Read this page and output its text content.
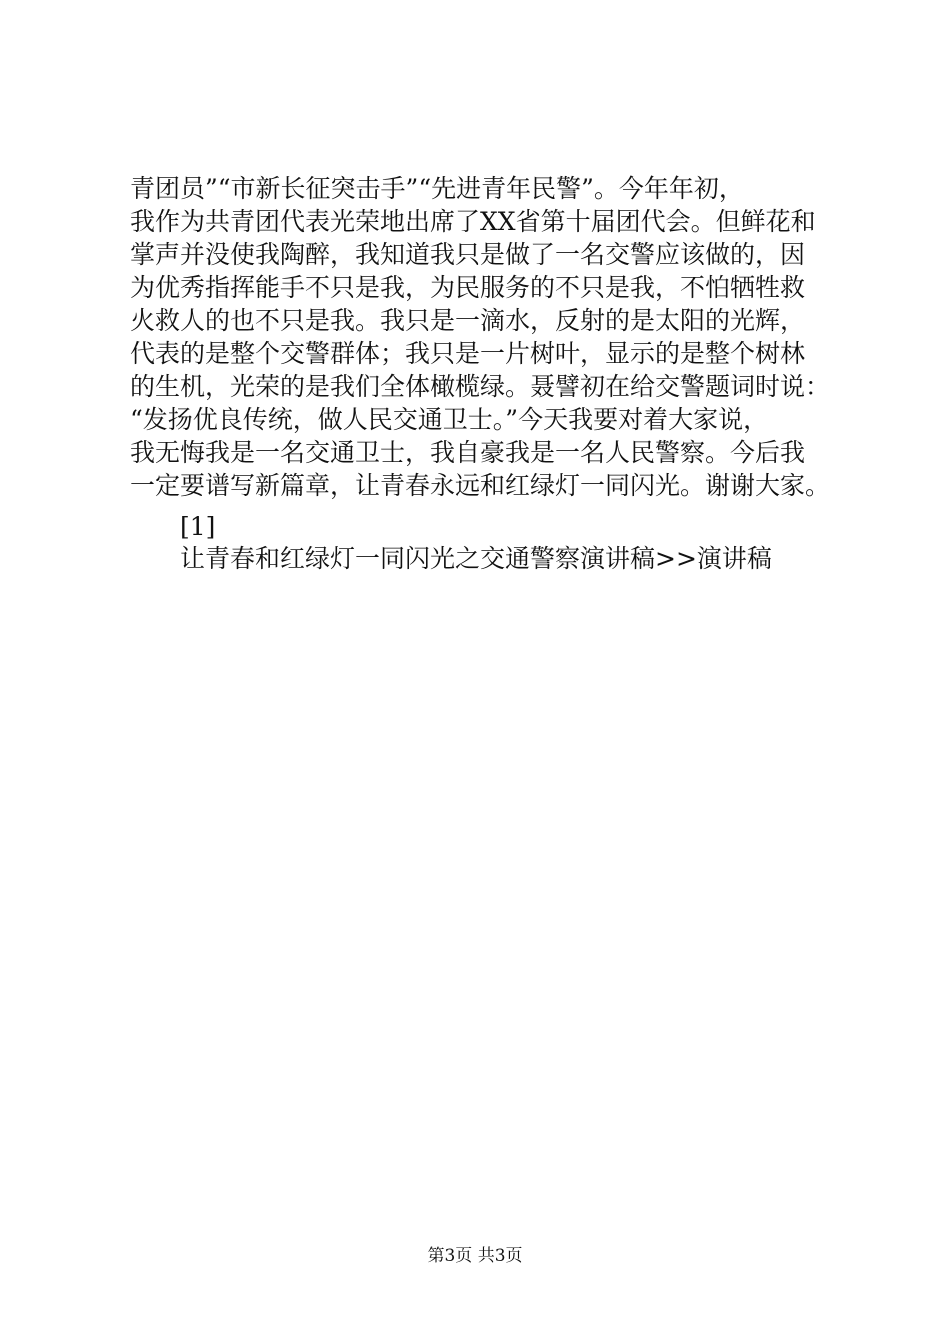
青团员”“市新长征突击手”“先进青年民警”。今年年初，
我作为共青团代表光荣地出席了XX省第十届团代会。但鲜花和
掌声并没使我陶醉，我知道我只是做了一名交警应该做的，因
为优秀指挥能手不只是我，为民服务的不只是我，不怕牺牲救
火救人的也不只是我。我只是一滴水，反射的是太阳的光辉，
代表的是整个交警群体；我只是一片树叶，显示的是整个树林
的生机，光荣的是我们全体橄榄绿。聂譬初在给交警题词时说：
“发扬优良传统，做人民交通卫士。”今天我要对着大家说，
我无悔我是一名交通卫士，我自豪我是一名人民警察。今后我
一定要谱写新篇章，让青春永远和红绿灯一同闪光。谢谢大家。
[1]
让青春和红绿灯一同闪光之交通警察演讲稿>>演讲稿
第3页 共3页
